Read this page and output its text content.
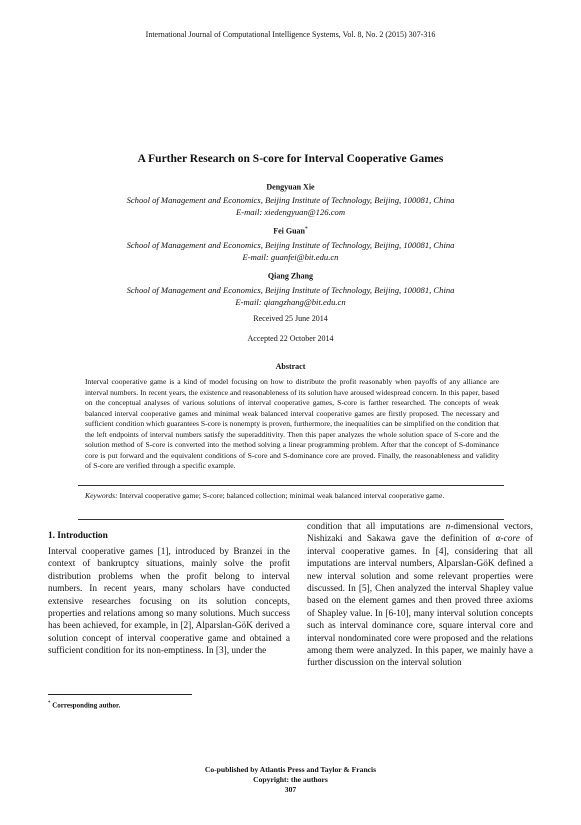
International Journal of Computational Intelligence Systems, Vol. 8, No. 2 (2015) 307-316
A Further Research on S-core for Interval Cooperative Games
Dengyuan Xie
School of Management and Economics, Beijing Institute of Technology, Beijing, 100081, China
E-mail: xiedengyuan@126.com
Fei Guan*
School of Management and Economics, Beijing Institute of Technology, Beijing, 100081, China
E-mail: guanfei@bit.edu.cn
Qiang Zhang
School of Management and Economics, Beijing Institute of Technology, Beijing, 100081, China
E-mail: qiangzhang@bit.edu.cn
Received 25 June 2014
Accepted 22 October 2014
Abstract
Interval cooperative game is a kind of model focusing on how to distribute the profit reasonably when payoffs of any alliance are interval numbers. In recent years, the existence and reasonableness of its solution have aroused widespread concern. In this paper, based on the conceptual analyses of various solutions of interval cooperative games, S-core is farther researched. The concepts of weak balanced interval cooperative games and minimal weak balanced interval cooperative games are firstly proposed. The necessary and sufficient condition which guarantees S-core is nonempty is proven, furthermore, the inequalities can be simplified on the condition that the left endpoints of interval numbers satisfy the superadditivity. Then this paper analyzes the whole solution space of S-core and the solution method of S-core is converted into the method solving a linear programming problem. After that the concept of S-dominance core is put forward and the equivalent conditions of S-core and S-dominance core are proved. Finally, the reasonableness and validity of S-core are verified through a specific example.
Keywords: Interval cooperative game; S-core; balanced collection; minimal weak balanced interval cooperative game.
1. Introduction
Interval cooperative games [1], introduced by Branzei in the context of bankruptcy situations, mainly solve the profit distribution problems when the profit belong to interval numbers. In recent years, many scholars have conducted extensive researches focusing on its solution concepts, properties and relations among so many solutions. Much success has been achieved, for example, in [2], Alparslan-GöK derived a solution concept of interval cooperative game and obtained a sufficient condition for its non-emptiness. In [3], under the
condition that all imputations are n-dimensional vectors, Nishizaki and Sakawa gave the definition of α-core of interval cooperative games. In [4], considering that all imputations are interval numbers, Alparslan-GöK defined a new interval solution and some relevant properties were discussed. In [5], Chen analyzed the interval Shapley value based on the element games and then proved three axioms of Shapley value. In [6-10], many interval solution concepts such as interval dominance core, square interval core and interval nondominated core were proposed and the relations among them were analyzed. In this paper, we mainly have a further discussion on the interval solution
* Corresponding author.
Co-published by Atlantis Press and Taylor & Francis
Copyright: the authors
307
